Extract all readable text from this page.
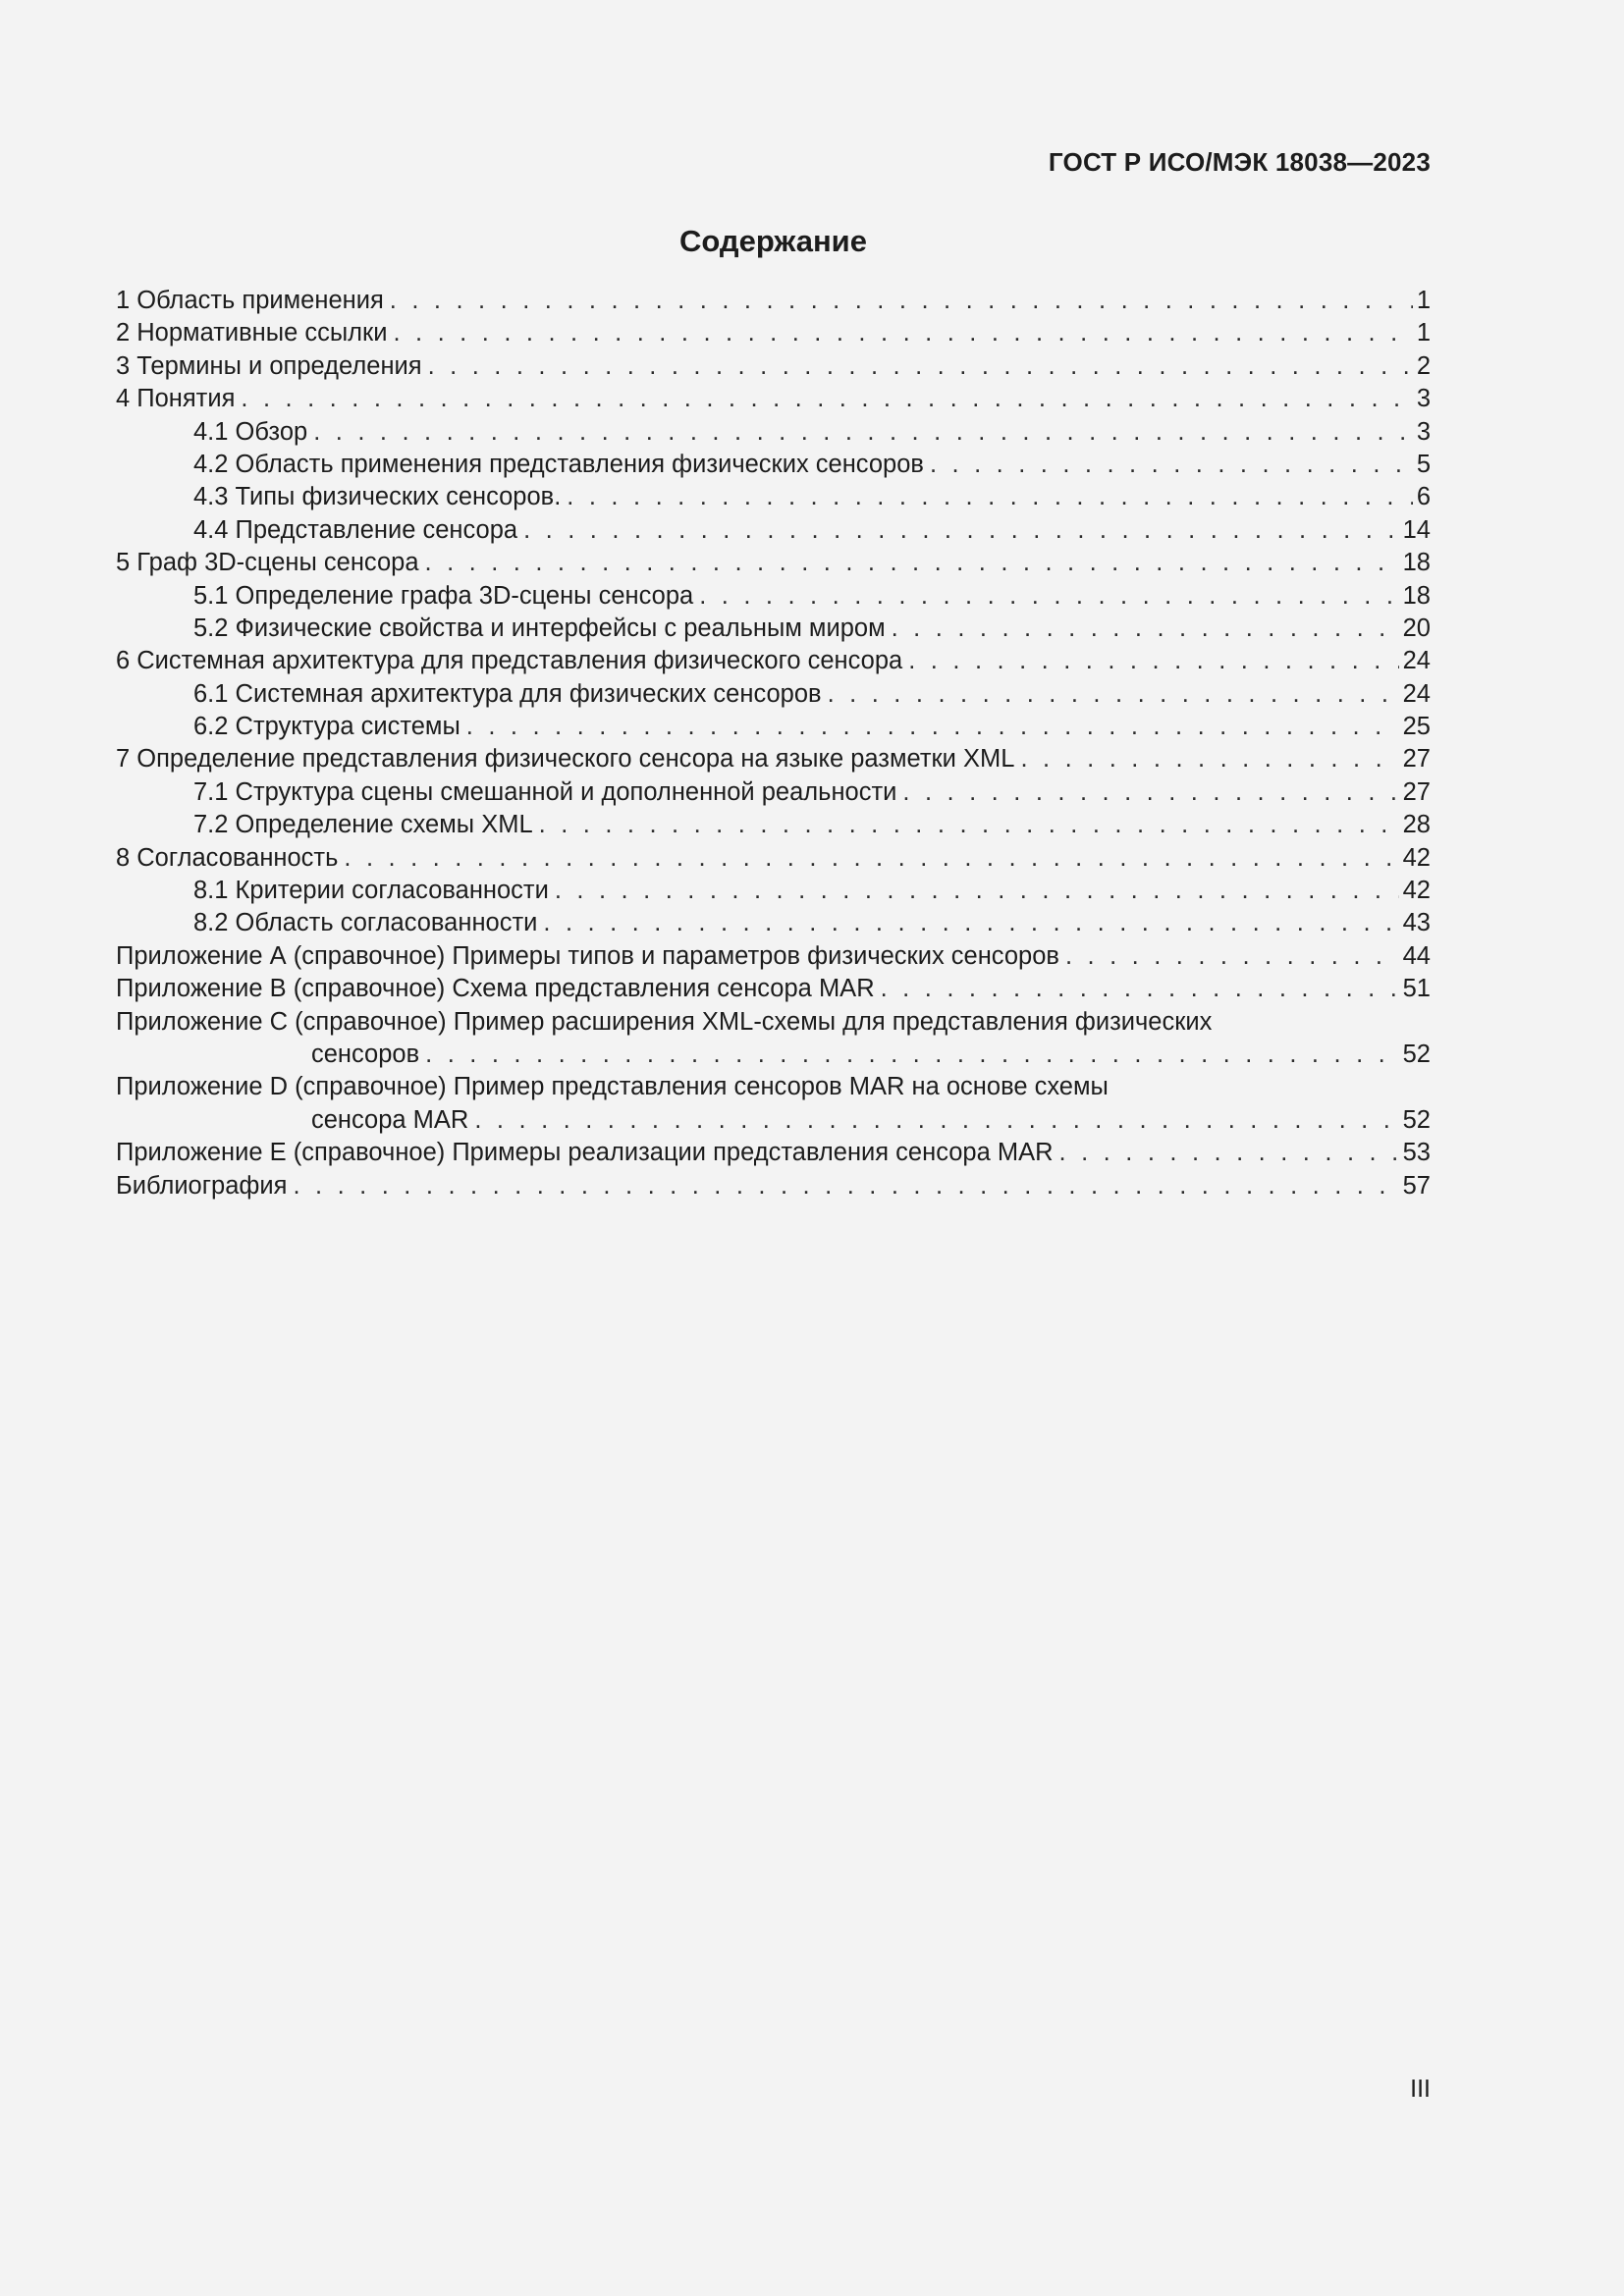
ГОСТ Р ИСО/МЭК 18038—2023
Содержание
1 Область применения . . .	1
2 Нормативные ссылки . . .	1
3 Термины и определения . . .	2
4 Понятия . . .	3
4.1 Обзор . . .	3
4.2 Область применения представления физических сенсоров . . .	5
4.3 Типы физических сенсоров. . . .	6
4.4 Представление сенсора . . .	14
5 Граф 3D-сцены сенсора . . .	18
5.1 Определение графа 3D-сцены сенсора . . .	18
5.2 Физические свойства и интерфейсы с реальным миром . . .	20
6 Системная архитектура для представления физического сенсора . . .	24
6.1 Системная архитектура для физических сенсоров . . .	24
6.2 Структура системы . . .	25
7 Определение представления физического сенсора на языке разметки XML . . .	27
7.1 Структура сцены смешанной и дополненной реальности . . .	27
7.2 Определение схемы XML . . .	28
8 Согласованность . . .	42
8.1 Критерии согласованности . . .	42
8.2 Область согласованности . . .	43
Приложение А (справочное) Примеры типов и параметров физических сенсоров . . .	44
Приложение В (справочное) Схема представления сенсора MAR . . .	51
Приложение С (справочное) Пример расширения XML-схемы для представления физических
сенсоров . . .	52
Приложение D (справочное) Пример представления сенсоров MAR на основе схемы
сенсора MAR . . .	52
Приложение Е (справочное) Примеры реализации представления сенсора MAR . . .	53
Библиография . . .	57
III
